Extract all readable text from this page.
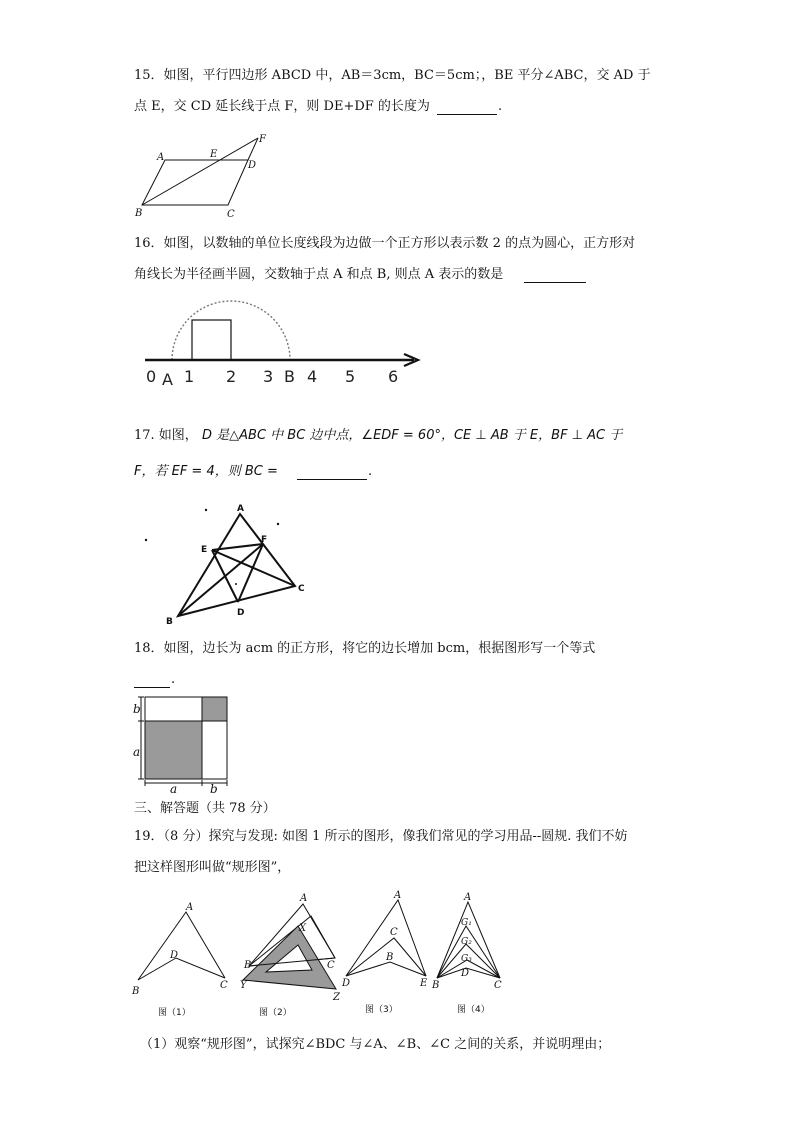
15．如图，平行四边形 ABCD 中，AB＝3cm，BC＝5cm；，BE 平分∠ABC，交 AD 于
点 E，交 CD 延长线于点 F，则 DE+DF 的长度为	.
A	E
D
F
B	C
16．如图，以数轴的单位长度线段为边做一个正方形以表示数 2 的点为圆心，正方形对
角线长为半径画半圆，交数轴于点 A 和点 B, 则点 A 表示的数是
0 A 1 2 3 B 4 5 6
17. 如图， D 是△ABC 中 BC 边中点，∠EDF = 60°，CE ⊥ AB 于 E，BF ⊥ AC 于
F，若 EF = 4，则 BC =	.
A
E
F
B
C
D
18．如图，边长为 acm 的正方形，将它的边长增加 bcm，根据图形写一个等式
.
b
a
a	b
三、解答题（共 78 分）
19．（8 分）探究与发现: 如图 1 所示的图形，像我们常见的学习用品--圆规. 我们不妨
把这样图形叫做“规形图”，
A
D
B
C
图（1）
A
X
B	C
Y
Z
图（2）
A
C
B
D	E
图（3）
A
G₁
G₂
G₃
D
B	C
图（4）
（1）观察“规形图”，试探究∠BDC 与∠A、∠B、∠C 之间的关系，并说明理由；
